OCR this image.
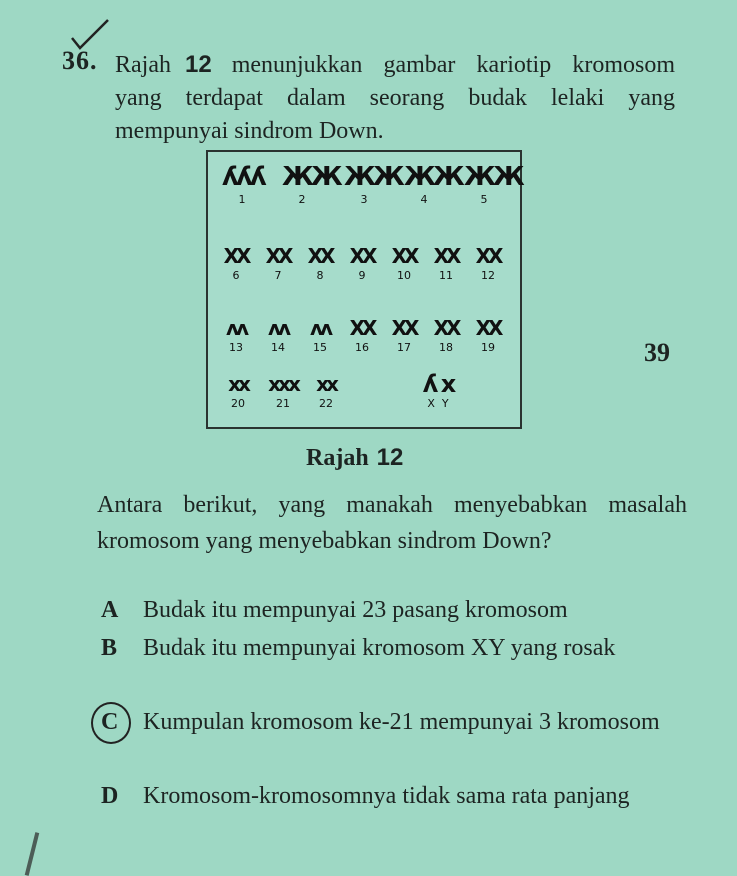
36. Rajah 12 menunjukkan gambar kariotip kromosom yang terdapat dalam seorang budak lelaki yang mempunyai sindrom Down.
ʎʎʎ
1
ЖЖ
2
ЖЖ
3
ЖЖ
4
ЖЖ
5
ХХ
6
ХХ
7
ХХ
8
ХХ
9
ХХ
10
ХХ
11
ХХ
12
ʌʌ
13
ʌʌ
14
ʌʌ
15
ХХ
16
ХХ
17
ХХ
18
ХХ
19
xx
20
xxx
21
xx
22
ʎ x
X Y
39
Rajah 12
Antara berikut, yang manakah menyebabkan masalah kromosom yang menyebabkan sindrom Down?
A Budak itu mempunyai 23 pasang kromosom
B Budak itu mempunyai kromosom XY yang rosak
C Kumpulan kromosom ke-21 mempunyai 3 kromosom
D Kromosom-kromosomnya tidak sama rata panjang
